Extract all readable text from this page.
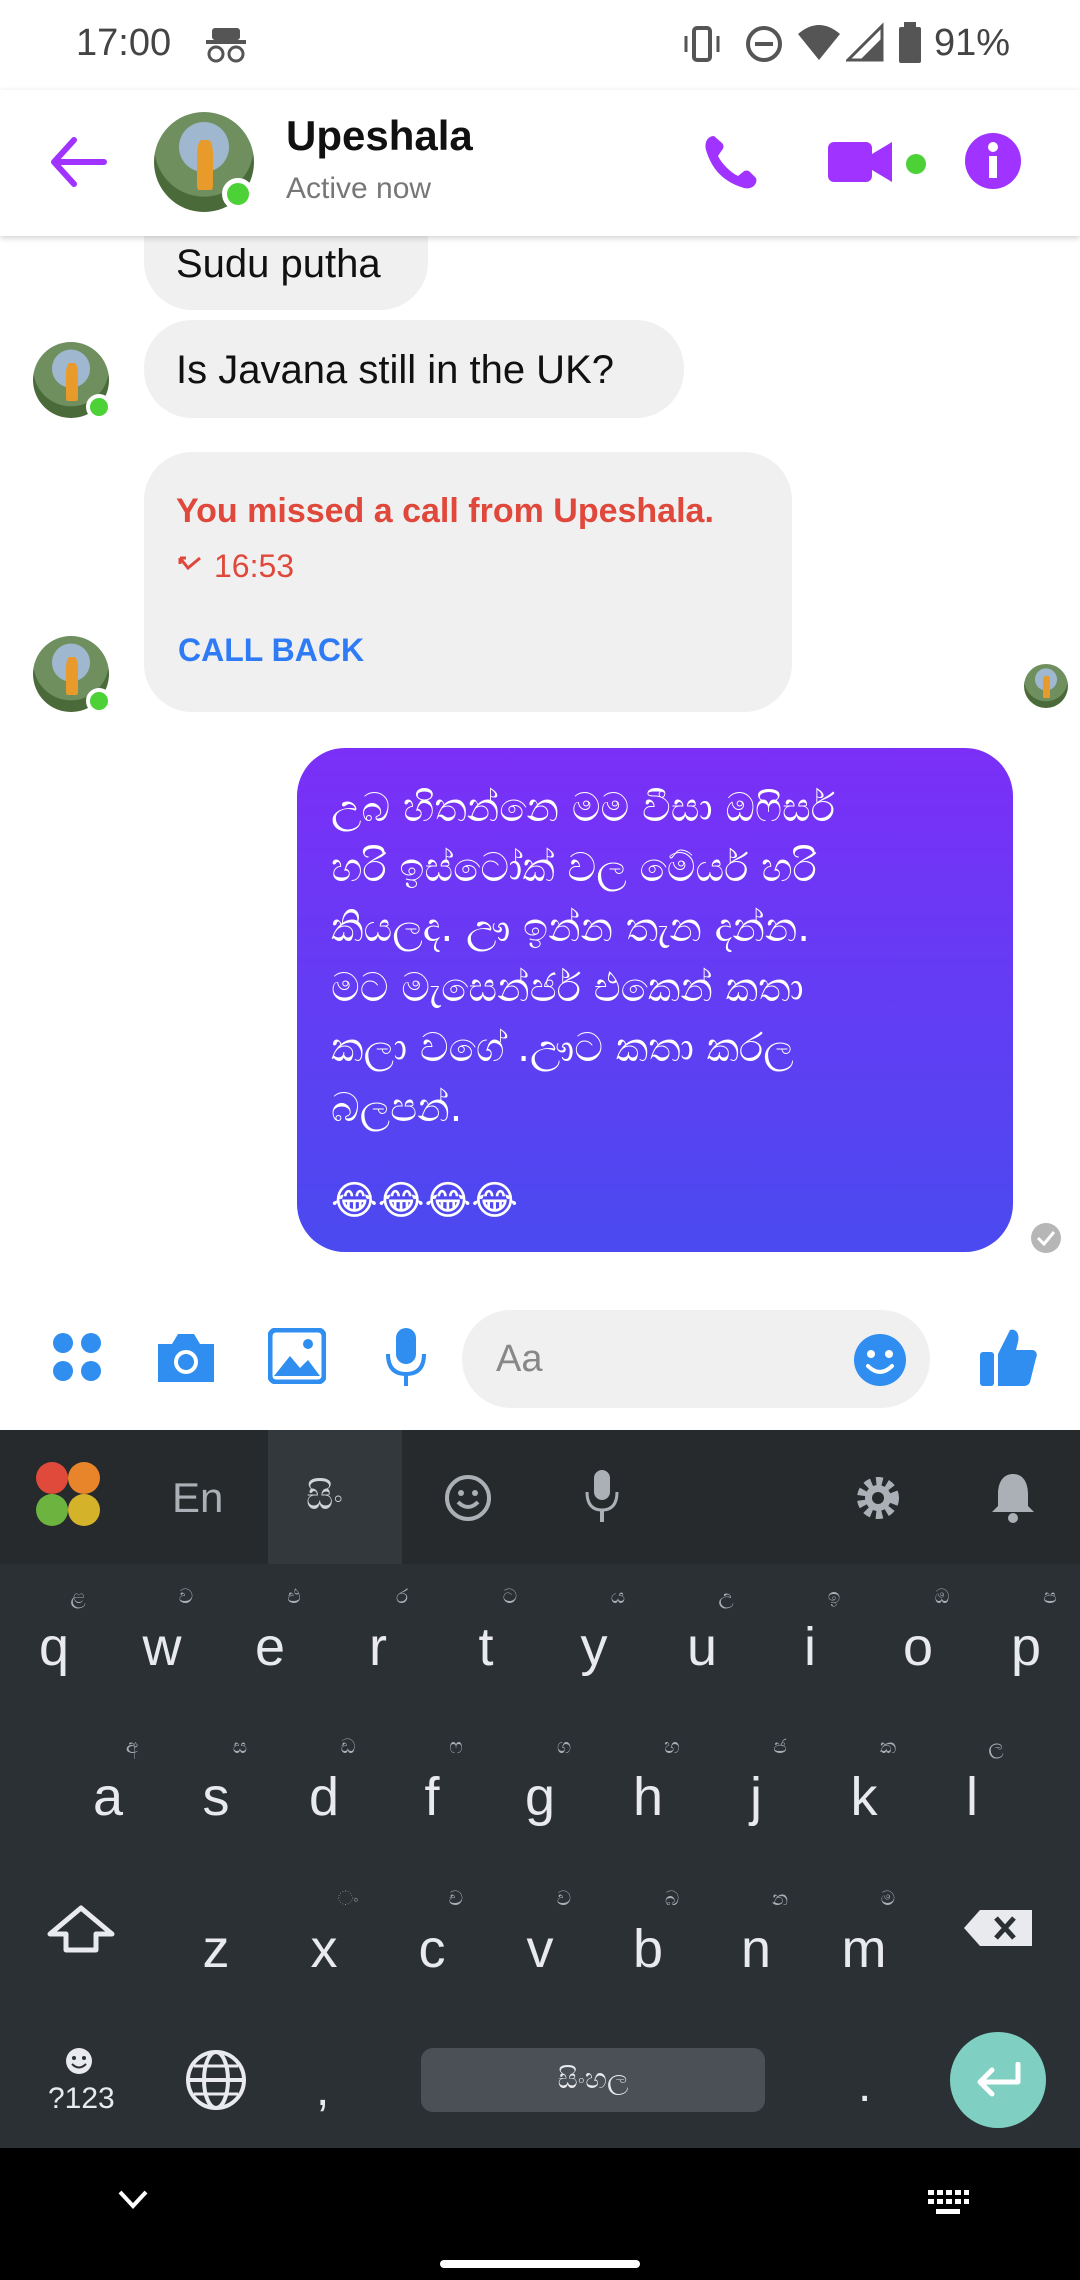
17:00	91%
Upeshala
Active now
Sudu putha
Is Javana still in the UK?
You missed a call from Upeshala.
16:53
CALL BACK
උබ හිතන්නෙ මම වීසා ඔෆිසර්
හරි ඉස්ටෝක් වල මේයර් හරි
කියලද. ඌ ඉන්න තැන දන්න.
මට මැසෙන්ජර් එකෙන් කතා
කලා වගේ .ඌට කතා කරල
බලපන්.
😂😂😂😂
Aa
En සිං
q
ළ
w
ව
e
එ
r
ර
t
ට
y
ය
u
උ
i
ඉ
o
ඔ
p
ප
a
අ
s
ස
d
ඩ
f
ෆ
g
ග
h
හ
j
ජ
k
ක
l
ල
z	x
ං
c
ච
v
ව
b
බ
n
න
m
ම
?123	,	සිංහල	.
